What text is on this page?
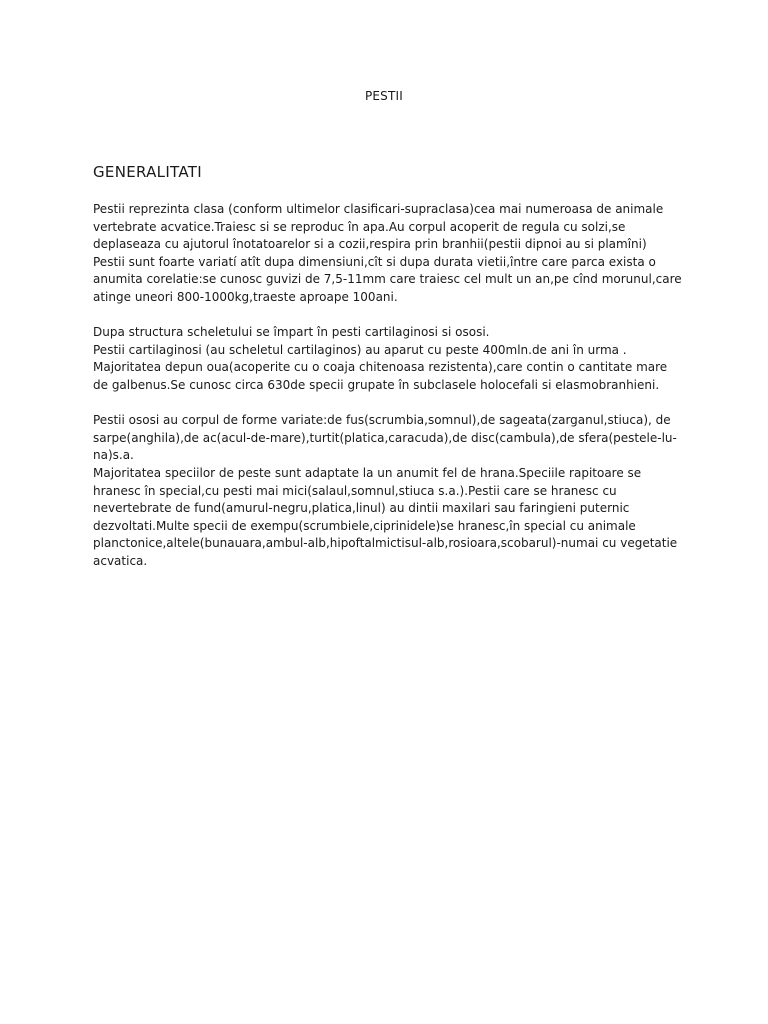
PESTII
GENERALITATI

Pestii reprezinta clasa (conform ultimelor clasificari-supraclasa)cea mai numeroasa de animale vertebrate acvatice.Traiesc si se reproduc în apa.Au corpul acoperit de regula cu solzi,se deplaseaza cu ajutorul înotatoarelor si a cozii,respira prin branhii(pestii dipnoi au si plamîni)

Pestii sunt foarte variatí atît dupa dimensiuni,cît si dupa durata vietii,între care parca exista o anumita corelatie:se cunosc guvizi de 7,5-11mm care traiesc cel mult un an,pe cînd morunul,care atinge uneori 800-1000kg,traeste aproape 100ani.

Dupa structura scheletului se împart în pesti cartilaginosi si ososi.

Pestii cartilaginosi (au scheletul cartilaginos) au aparut cu peste 400mln.de ani în urma .

Majoritatea depun oua(acoperite cu o coaja chitenoasa rezistenta),care contin o cantitate mare de galbenus.Se cunosc circa 630de specii grupate în subclasele holocefali si elasmobranhieni.

Pestii ososi au corpul de forme variate:de fus(scrumbia,somnul),de sageata(zarganul,stiuca), de sarpe(anghila),de ac(acul-de-mare),turtit(platica,caracuda),de disc(cambula),de sfera(pestele-lu-na)s.a.

Majoritatea speciilor de peste sunt adaptate la un anumit fel de hrana.Speciile rapitoare se hranesc în special,cu pesti mai mici(salaul,somnul,stiuca s.a.).Pestii care se hranesc cu nevertebrate de fund(amurul-negru,platica,linul) au dintii maxilari sau faringieni puternic dezvoltati.Multe specii de exempu(scrumbiele,ciprinidele)se hranesc,în special cu animale planctonice,altele(bunauara,ambul-alb,hipoftalmictisul-alb,rosioara,scobarul)-numai cu vegetatie acvatica.
